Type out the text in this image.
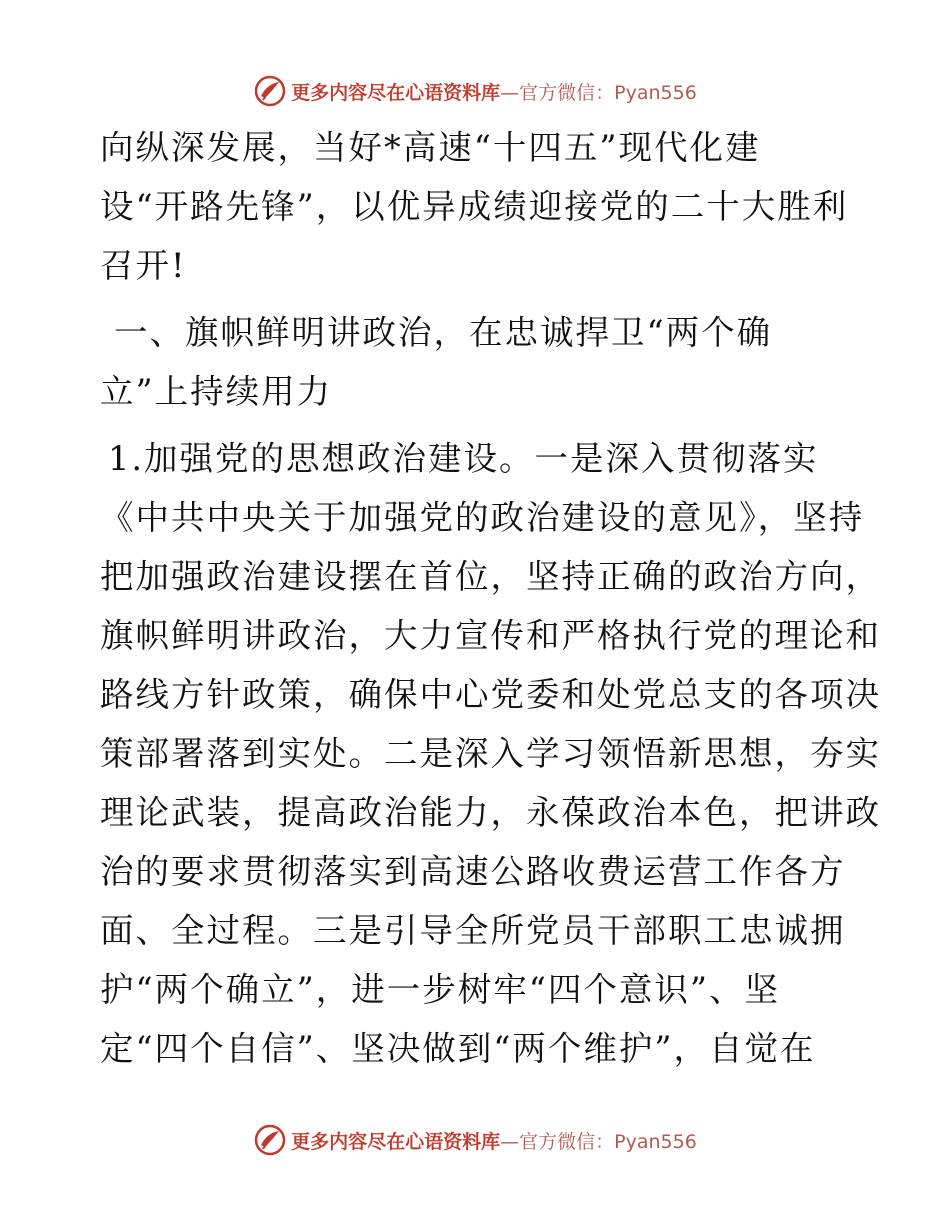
更多内容尽在心语资料库—官方微信：Pyan556
向纵深发展，当好*高速“十四五”现代化建
设“开路先锋”，以优异成绩迎接党的二十大胜利
召开!
一、旗帜鲜明讲政治，在忠诚捍卫“两个确
立”上持续用力
1.加强党的思想政治建设。一是深入贯彻落实
《中共中央关于加强党的政治建设的意见》，坚持
把加强政治建设摆在首位，坚持正确的政治方向，
旗帜鲜明讲政治，大力宣传和严格执行党的理论和
路线方针政策，确保中心党委和处党总支的各项决
策部署落到实处。二是深入学习领悟新思想，夯实
理论武装，提高政治能力，永葆政治本色，把讲政
治的要求贯彻落实到高速公路收费运营工作各方
面、全过程。三是引导全所党员干部职工忠诚拥
护“两个确立”，进一步树牢“四个意识”、坚
定“四个自信”、坚决做到“两个维护”，自觉在
更多内容尽在心语资料库—官方微信：Pyan556
